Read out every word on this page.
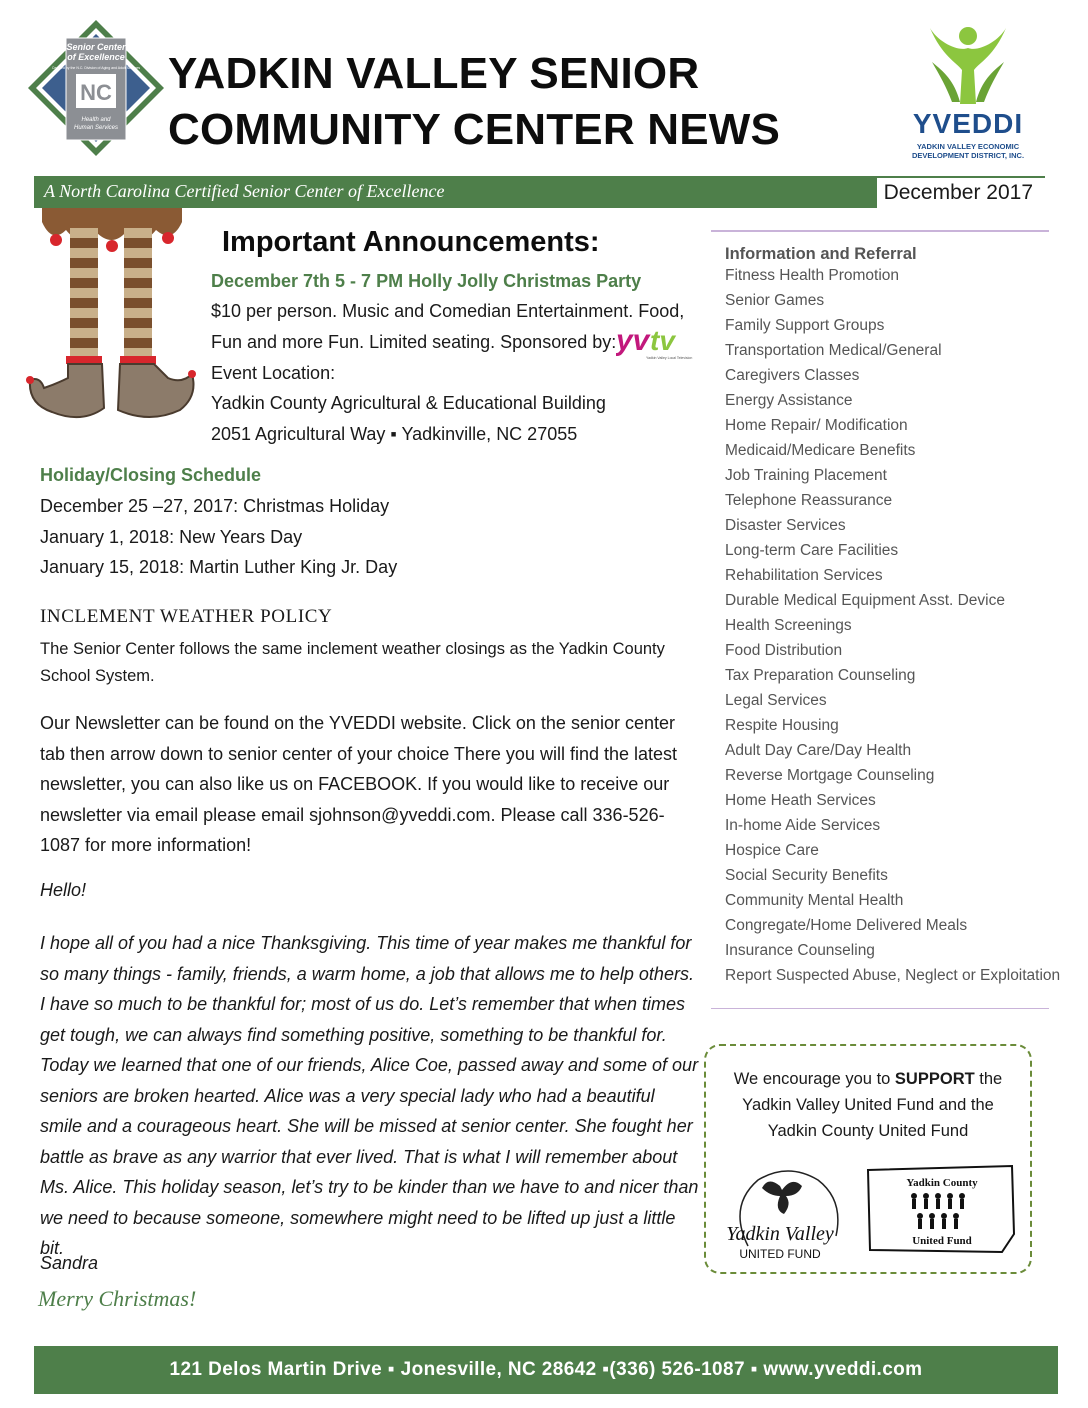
Senior Center
of Excellence
Certified by the N.C. Division of Aging and Adult Services
NC
Health and
Human Services
YADKIN VALLEY SENIOR
COMMUNITY CENTER NEWS	YVEDDI
YADKIN VALLEY ECONOMIC
DEVELOPMENT DISTRICT, INC.
A North Carolina Certified Senior Center of Excellence	December 2017
Important Announcements:
December 7th 5 - 7 PM Holly Jolly Christmas Party
$10 per person. Music and Comedian Entertainment. Food,
Fun and more Fun. Limited seating. Sponsored by:
Event Location:
Yadkin County Agricultural & Educational Building
2051 Agricultural Way ▪ Yadkinville, NC 27055
yv tv
Yadkin Valley Local Television
Holiday/Closing Schedule
December 25 –27, 2017: Christmas Holiday
January 1, 2018: New Years Day
January 15, 2018: Martin Luther King Jr. Day
INCLEMENT WEATHER POLICY
The Senior Center follows the same inclement weather closings as the Yadkin County School System.
Our Newsletter can be found on the YVEDDI website. Click on the senior center tab then arrow down to senior center of your choice There you will find the latest newsletter, you can also like us on FACEBOOK. If you would like to receive our newsletter via email please email sjohnson@yveddi.com. Please call 336-526-1087 for more information!
Hello!
I hope all of you had a nice Thanksgiving. This time of year makes me thankful for so many things - family, friends, a warm home, a job that allows me to help others. I have so much to be thankful for; most of us do. Let’s remember that when times get tough, we can always find something positive, something to be thankful for. Today we learned that one of our friends, Alice Coe, passed away and some of our seniors are broken hearted. Alice was a very special lady who had a beautiful smile and a courageous heart. She will be missed at senior center. She fought her battle as brave as any warrior that ever lived. That is what I will remember about Ms. Alice. This holiday season, let’s try to be kinder than we have to and nicer than we need to because someone, somewhere might need to be lifted up just a little bit.
Sandra
Merry Christmas!
Information and Referral
Fitness Health Promotion
Senior Games
Family Support Groups
Transportation Medical/General
Caregivers Classes
Energy Assistance
Home Repair/ Modification
Medicaid/Medicare Benefits
Job Training Placement
Telephone Reassurance
Disaster Services
Long-term Care Facilities
Rehabilitation Services
Durable Medical Equipment Asst. Device
Health Screenings
Food Distribution
Tax Preparation Counseling
Legal Services
Respite Housing
Adult Day Care/Day Health
Reverse Mortgage Counseling
Home Heath Services
In-home Aide Services
Hospice Care
Social Security Benefits
Community Mental Health
Congregate/Home Delivered Meals
Insurance Counseling
Report Suspected Abuse, Neglect or Exploitation
We encourage you to SUPPORT the
Yadkin Valley United Fund and the
Yadkin County United Fund
Yadkin Valley
UNITED FUND
Yadkin County
United Fund
121 Delos Martin Drive ▪ Jonesville, NC 28642 ▪(336) 526-1087 ▪ www.yveddi.com
